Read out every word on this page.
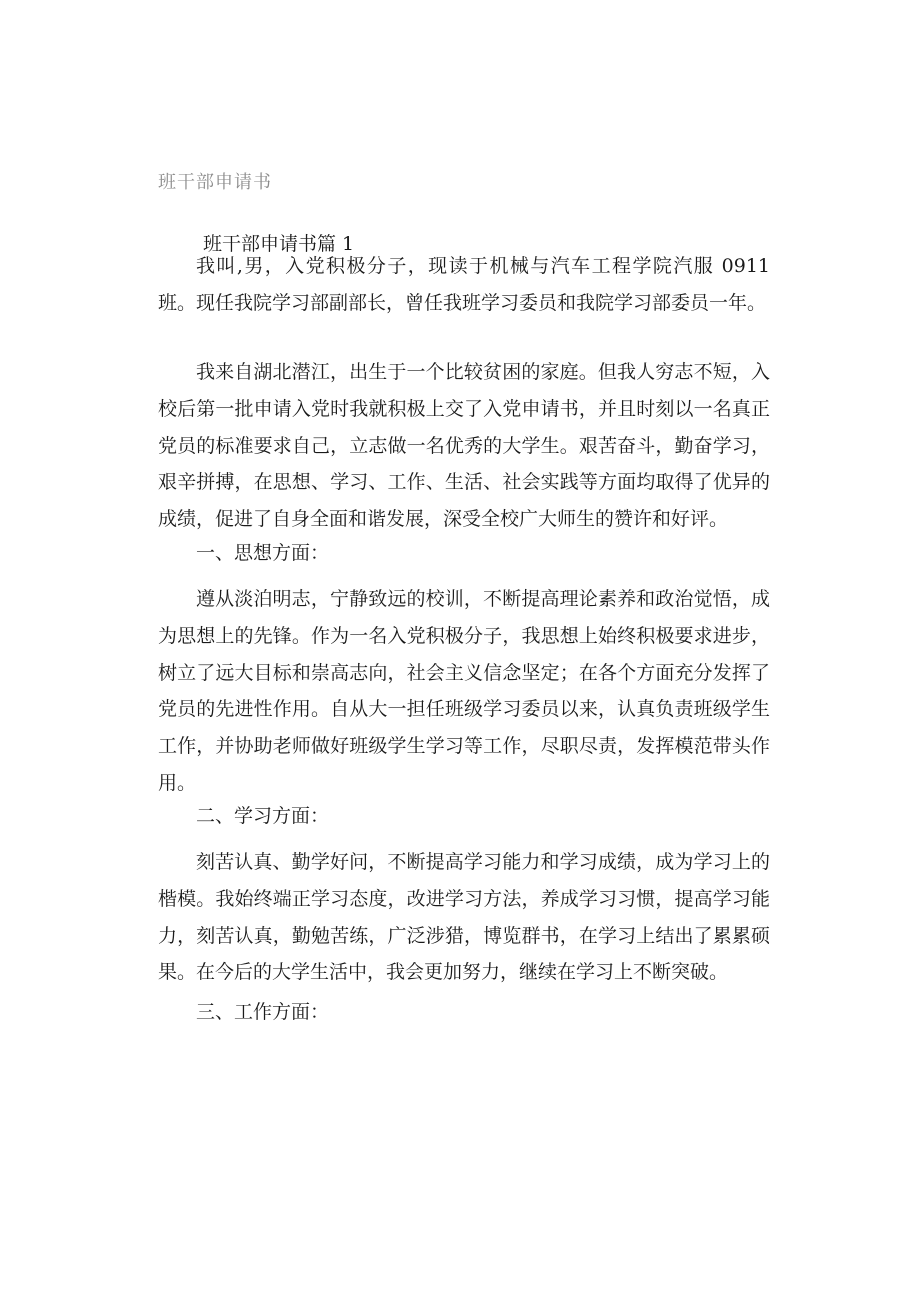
班干部申请书
班干部申请书篇 1

我叫,男，入党积极分子，现读于机械与汽车工程学院汽服 0911 班。现任我院学习部副部长，曾任我班学习委员和我院学习部委员一年。

我来自湖北潜江，出生于一个比较贫困的家庭。但我人穷志不短，入校后第一批申请入党时我就积极上交了入党申请书，并且时刻以一名真正党员的标准要求自己，立志做一名优秀的大学生。艰苦奋斗，勤奋学习，艰辛拼搏，在思想、学习、工作、生活、社会实践等方面均取得了优异的成绩，促进了自身全面和谐发展，深受全校广大师生的赞许和好评。

一、思想方面：

遵从淡泊明志，宁静致远的校训，不断提高理论素养和政治觉悟，成为思想上的先锋。作为一名入党积极分子，我思想上始终积极要求进步，树立了远大目标和崇高志向，社会主义信念坚定；在各个方面充分发挥了党员的先进性作用。自从大一担任班级学习委员以来，认真负责班级学生工作，并协助老师做好班级学生学习等工作，尽职尽责，发挥模范带头作用。

二、学习方面：

刻苦认真、勤学好问，不断提高学习能力和学习成绩，成为学习上的楷模。我始终端正学习态度，改进学习方法，养成学习习惯，提高学习能力，刻苦认真，勤勉苦练，广泛涉猎，博览群书，在学习上结出了累累硕果。在今后的大学生活中，我会更加努力，继续在学习上不断突破。

三、工作方面：
